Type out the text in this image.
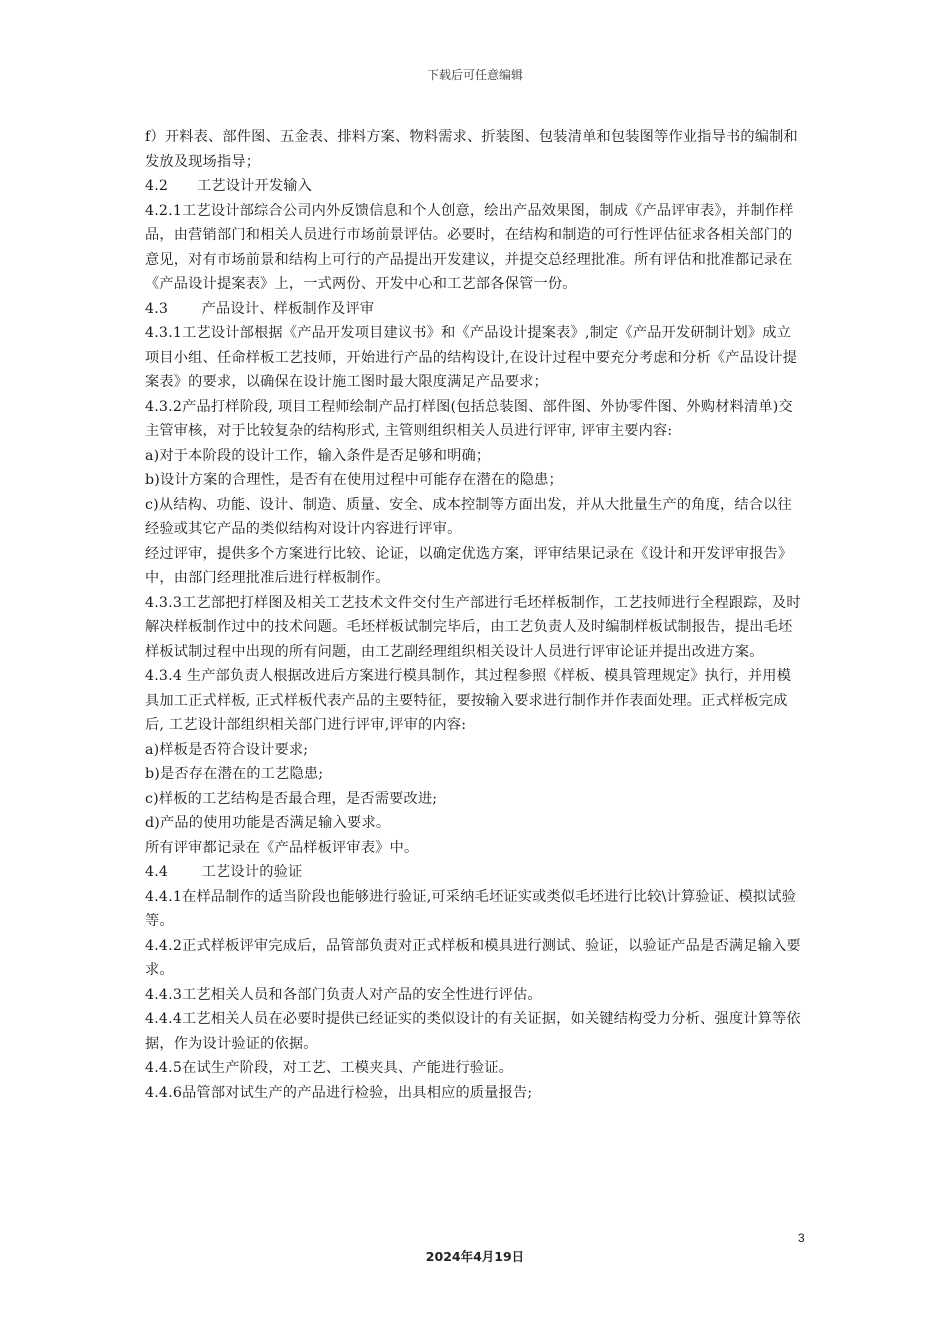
下载后可任意编辑

f）开料表、部件图、五金表、排料方案、物料需求、折装图、包装清单和包装图等作业指导书的编制和发放及现场指导；

4.2　　工艺设计开发输入

4.2.1工艺设计部综合公司内外反馈信息和个人创意，绘出产品效果图，制成《产品评审表》，并制作样品，由营销部门和相关人员进行市场前景评估。必要时，在结构和制造的可行性评估征求各相关部门的意见，对有市场前景和结构上可行的产品提出开发建议，并提交总经理批准。所有评估和批准都记录在《产品设计提案表》上，一式两份、开发中心和工艺部各保管一份。

4.3　　 产品设计、样板制作及评审

4.3.1工艺设计部根据《产品开发项目建议书》和《产品设计提案表》,制定《产品开发研制计划》成立项目小组、任命样板工艺技师，开始进行产品的结构设计,在设计过程中要充分考虑和分析《产品设计提案表》的要求，以确保在设计施工图时最大限度满足产品要求；

4.3.2产品打样阶段, 项目工程师绘制产品打样图(包括总装图、部件图、外协零件图、外购材料清单)交主管审核，对于比较复杂的结构形式, 主管则组织相关人员进行评审, 评审主要内容:

a)对于本阶段的设计工作，输入条件是否足够和明确；

b)设计方案的合理性，是否有在使用过程中可能存在潜在的隐患；

c)从结构、功能、设计、制造、质量、安全、成本控制等方面出发，并从大批量生产的角度，结合以往经验或其它产品的类似结构对设计内容进行评审。

经过评审，提供多个方案进行比较、论证，以确定优选方案，评审结果记录在《设计和开发评审报告》中，由部门经理批准后进行样板制作。

4.3.3工艺部把打样图及相关工艺技术文件交付生产部进行毛坯样板制作，工艺技师进行全程跟踪，及时解决样板制作过中的技术问题。毛坯样板试制完毕后，由工艺负责人及时编制样板试制报告，提出毛坯样板试制过程中出现的所有问题，由工艺副经理组织相关设计人员进行评审论证并提出改进方案。

4.3.4 生产部负责人根据改进后方案进行模具制作，其过程参照《样板、模具管理规定》执行，并用模具加工正式样板, 正式样板代表产品的主要特征，要按输入要求进行制作并作表面处理。正式样板完成后, 工艺设计部组织相关部门进行评审,评审的内容:

a)样板是否符合设计要求;

b)是否存在潜在的工艺隐患;

c)样板的工艺结构是否最合理，是否需要改进;

d)产品的使用功能是否满足输入要求。

所有评审都记录在《产品样板评审表》中。

4.4　　 工艺设计的验证

4.4.1在样品制作的适当阶段也能够进行验证,可采纳毛坯证实或类似毛坯进行比较\计算验证、模拟试验等。

4.4.2正式样板评审完成后，品管部负责对正式样板和模具进行测试、验证，以验证产品是否满足输入要求。

4.4.3工艺相关人员和各部门负责人对产品的安全性进行评估。

4.4.4工艺相关人员在必要时提供已经证实的类似设计的有关证据，如关键结构受力分析、强度计算等依据，作为设计验证的依据。

4.4.5在试生产阶段，对工艺、工模夹具、产能进行验证。

4.4.6品管部对试生产的产品进行检验，出具相应的质量报告;

3
2024年4月19日
